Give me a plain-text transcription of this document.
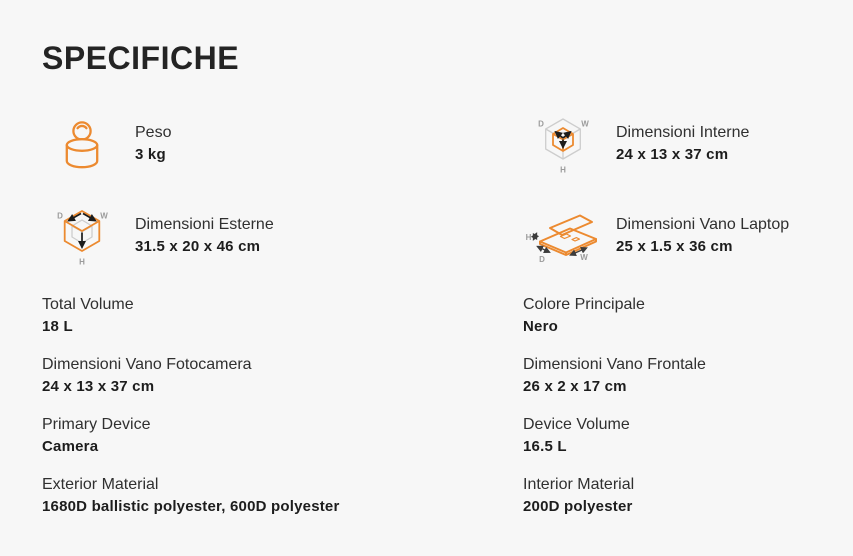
SPECIFICHE
Peso
3 kg
D	W
H
Dimensioni Interne
24 x 13 x 37 cm
D	W
H
Dimensioni Esterne
31.5 x 20 x 46 cm
H
D	W
Dimensioni Vano Laptop
25 x 1.5 x 36 cm
Total Volume
18 L
Colore Principale
Nero
Dimensioni Vano Fotocamera
24 x 13 x 37 cm
Dimensioni Vano Frontale
26 x 2 x 17 cm
Primary Device
Camera
Device Volume
16.5 L
Exterior Material
1680D ballistic polyester, 600D polyester
Interior Material
200D polyester
